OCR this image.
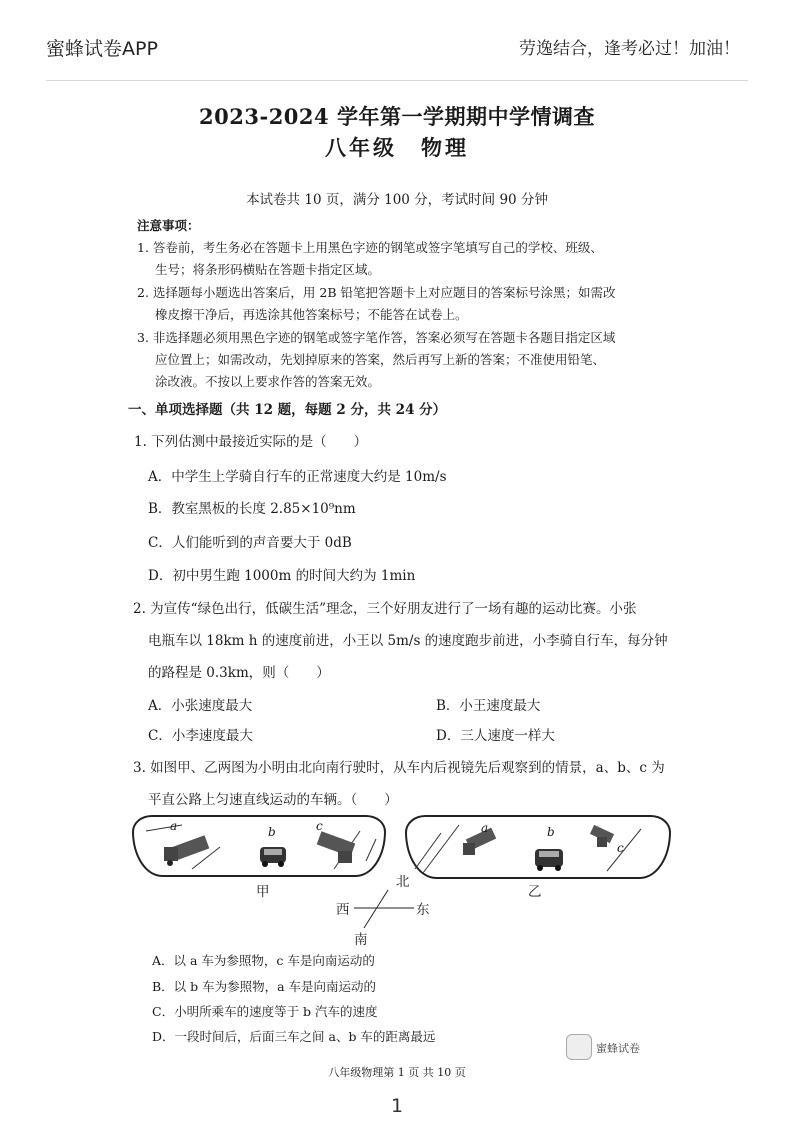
蜜蜂试卷APP	劳逸结合，逢考必过！加油！
2023-2024 学年第一学期期中学情调查
八年级　物理
本试卷共 10 页，满分 100 分，考试时间 90 分钟
注意事项：
1. 答卷前，考生务必在答题卡上用黑色字迹的钢笔或签字笔填写自己的学校、班级、
生号；将条形码横贴在答题卡指定区域。
2. 选择题每小题选出答案后，用 2B 铅笔把答题卡上对应题目的答案标号涂黑；如需改
橡皮擦干净后，再选涂其他答案标号；不能答在试卷上。
3. 非选择题必须用黑色字迹的钢笔或签字笔作答，答案必须写在答题卡各题目指定区域
应位置上；如需改动，先划掉原来的答案，然后再写上新的答案；不准使用铅笔、
涂改液。不按以上要求作答的答案无效。
一、单项选择题（共 12 题，每题 2 分，共 24 分）
1. 下列估测中最接近实际的是（　　）
A．中学生上学骑自行车的正常速度大约是 10m/s
B．教室黑板的长度 2.85×10⁹nm
C．人们能听到的声音要大于 0dB
D．初中男生跑 1000m 的时间大约为 1min
2. 为宣传“绿色出行，低碳生活”理念，三个好朋友进行了一场有趣的运动比赛。小张
电瓶车以 18km h 的速度前进，小王以 5m/s 的速度跑步前进，小李骑自行车，每分钟
的路程是 0.3km，则（　　）
A．小张速度最大	B．小王速度最大
C．小李速度最大	D．三人速度一样大
3. 如图甲、乙两图为小明由北向南行驶时，从车内后视镜先后观察到的情景，a、b、c 为
平直公路上匀速直线运动的车辆。（　　）
a	b	c	a	b
c
甲	乙
北
西	东
南
A．以 a 车为参照物，c 车是向南运动的
B．以 b 车为参照物，a 车是向南运动的
C．小明所乘车的速度等于 b 汽车的速度
D．一段时间后，后面三车之间 a、b 车的距离最远
蜜蜂试卷
八年级物理第 1 页 共 10 页
1
